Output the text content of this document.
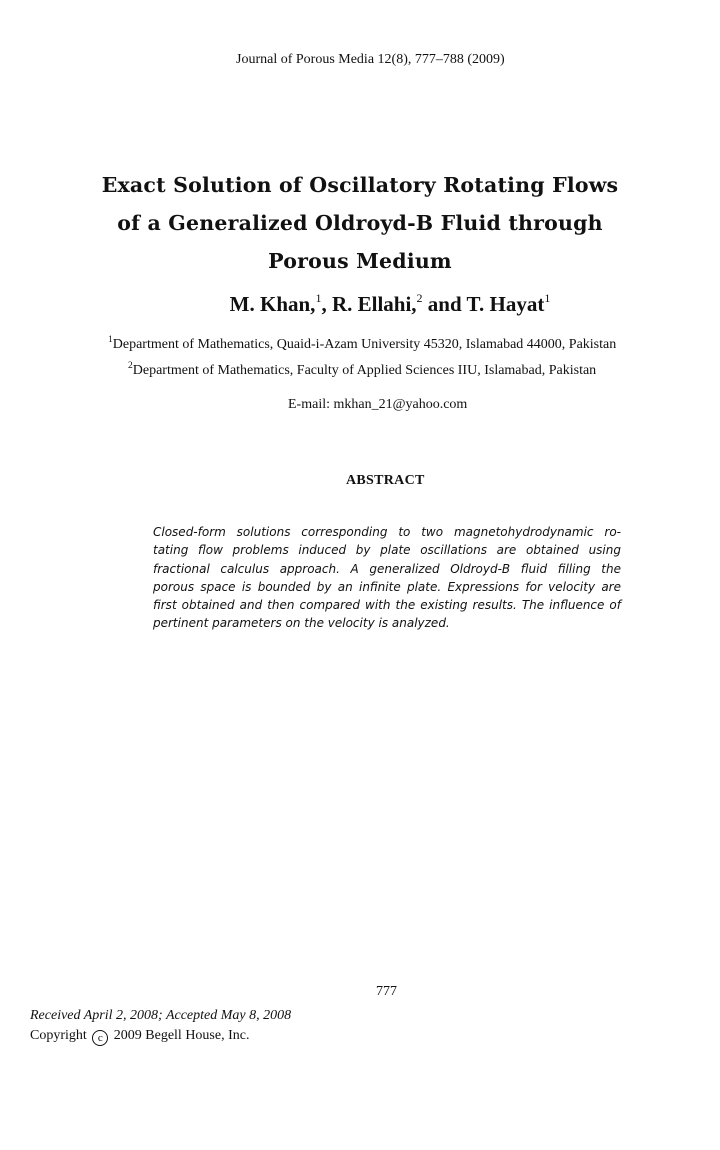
Journal of Porous Media 12(8), 777–788 (2009)
Exact Solution of Oscillatory Rotating Flows
of a Generalized Oldroyd-B Fluid through
Porous Medium
M. Khan,$^1$, R. Ellahi,$^2$ and T. Hayat$^1$
$^1$Department of Mathematics, Quaid-i-Azam University 45320, Islamabad 44000, Pakistan
$^2$Department of Mathematics, Faculty of Applied Sciences IIU, Islamabad, Pakistan
E-mail: mkhan_21@yahoo.com
ABSTRACT
Closed-form solutions corresponding to two magnetohydrodynamic ro-
tating flow problems induced by plate oscillations are obtained using
fractional calculus approach. A generalized Oldroyd-B fluid filling the
porous space is bounded by an infinite plate. Expressions for velocity are
first obtained and then compared with the existing results. The influence of
pertinent parameters on the velocity is analyzed.
777
Received April 2, 2008; Accepted May 8, 2008
Copyright c 2009 Begell House, Inc.
